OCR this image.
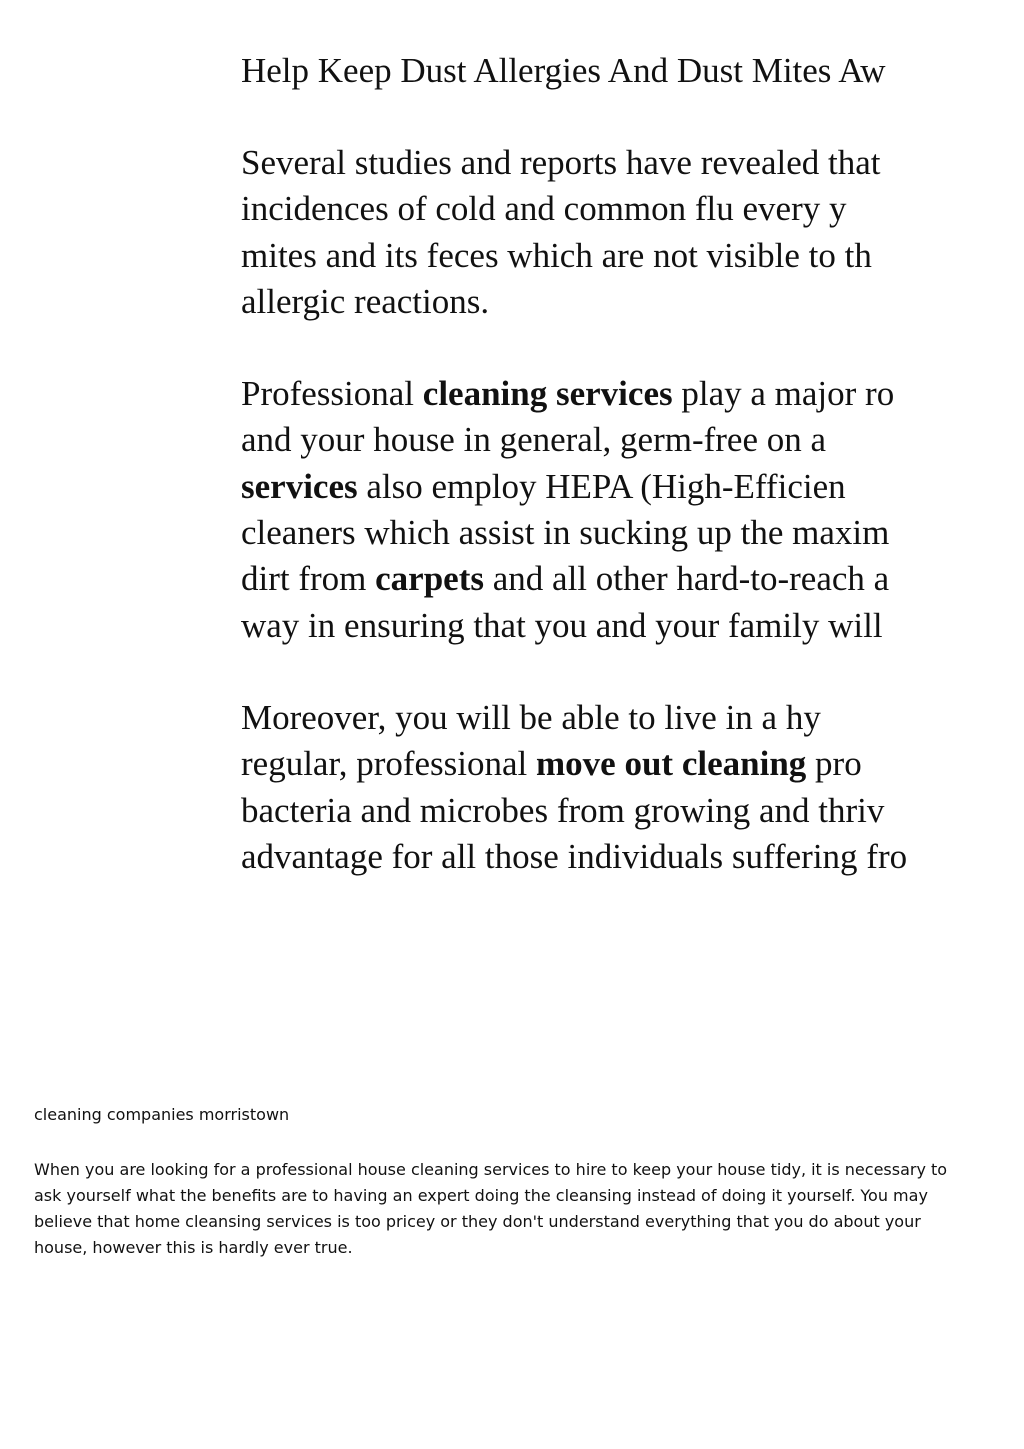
Help Keep Dust Allergies And Dust Mites Aw

Several studies and reports have revealed that
incidences of cold and common flu every y
mites and its feces which are not visible to th
allergic reactions.

Professional cleaning services play a major ro
and your house in general, germ-free on a
services also employ HEPA (High-Efficien
cleaners which assist in sucking up the maxim
dirt from carpets and all other hard-to-reach a
way in ensuring that you and your family will

Moreover, you will be able to live in a hy
regular, professional move out cleaning pro
bacteria and microbes from growing and thriv
advantage for all those individuals suffering fro

cleaning companies morristown
When you are looking for a professional house cleaning services to hire to keep your house tidy, it is necessary to
ask yourself what the benefits are to having an expert doing the cleansing instead of doing it yourself. You may
believe that home cleansing services is too pricey or they don't understand everything that you do about your
house, however this is hardly ever true.
